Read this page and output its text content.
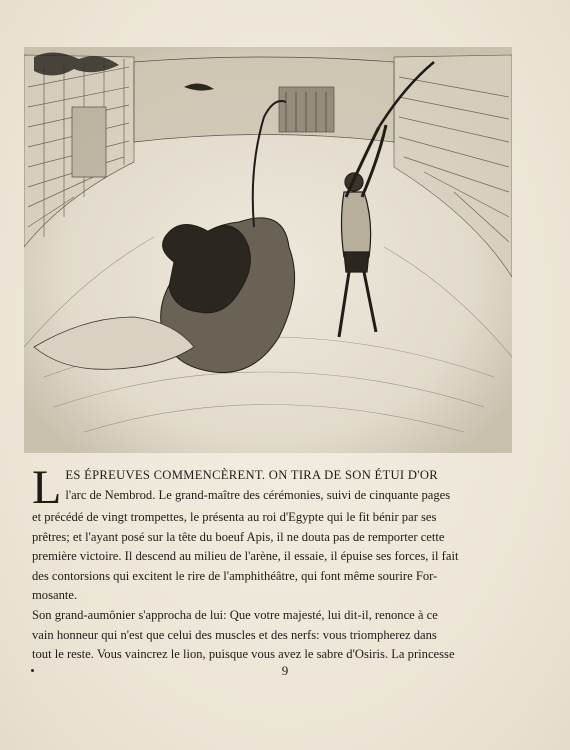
L ES ÉPREUVES COMMENCÈRENT. ON TIRA DE SON ÉTUI D'OR
l'arc de Nembrod. Le grand-maître des cérémonies, suivi de cinquante pages
et précédé de vingt trompettes, le présenta au roi d'Egypte qui le fit bénir par ses
prêtres; et l'ayant posé sur la tête du boeuf Apis, il ne douta pas de remporter cette
première victoire. Il descend au milieu de l'arène, il essaie, il épuise ses forces, il fait
des contorsions qui excitent le rire de l'amphithéâtre, qui font même sourire For-
mosante.
Son grand-aumônier s'approcha de lui: Que votre majesté, lui dit-il, renonce à ce
vain honneur qui n'est que celui des muscles et des nerfs: vous triompherez dans
tout le reste. Vous vaincrez le lion, puisque vous avez le sabre d'Osiris. La princesse
9
